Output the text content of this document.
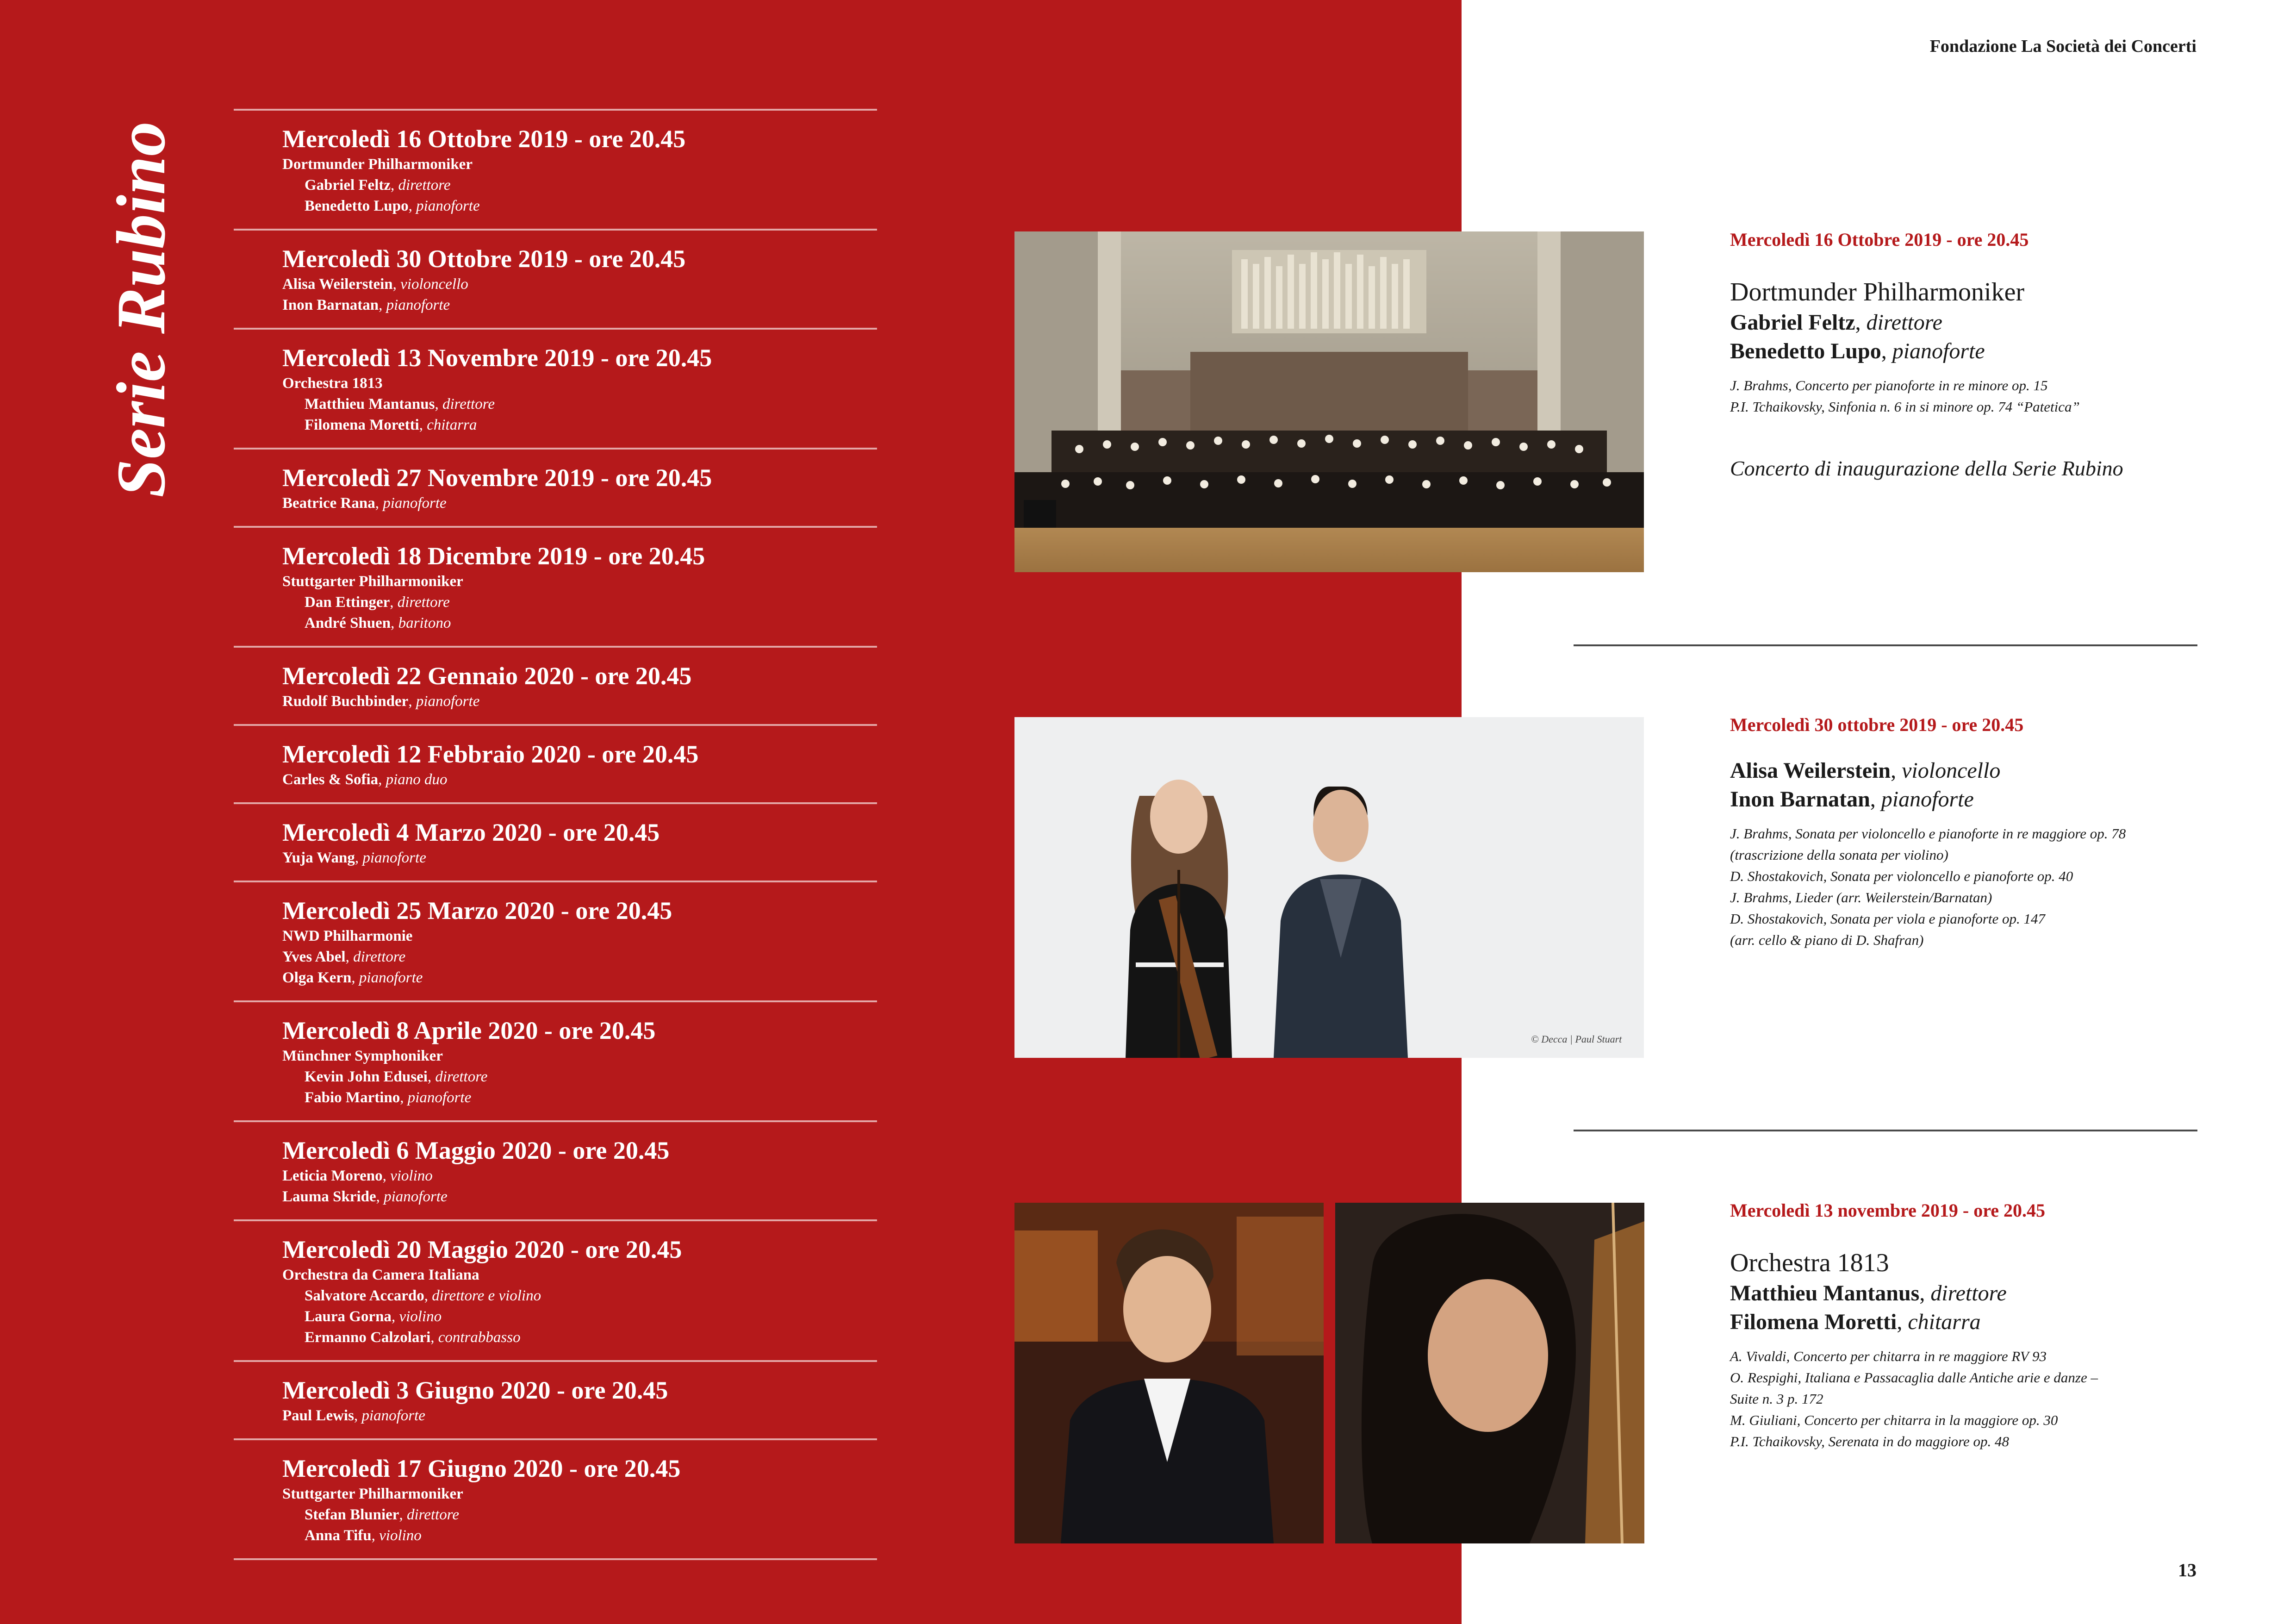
Serie Rubino	Mercoledì 16 Ottobre 2019 - ore 20.45
Dortmunder Philharmoniker
Gabriel Feltz, direttore
Benedetto Lupo, pianoforte
Mercoledì 30 Ottobre 2019 - ore 20.45
Alisa Weilerstein, violoncello
Inon Barnatan, pianoforte
Mercoledì 13 Novembre 2019 - ore 20.45
Orchestra 1813
Matthieu Mantanus, direttore
Filomena Moretti, chitarra
Mercoledì 27 Novembre 2019 - ore 20.45
Beatrice Rana, pianoforte
Mercoledì 18 Dicembre 2019 - ore 20.45
Stuttgarter Philharmoniker
Dan Ettinger, direttore
André Shuen, baritono
Mercoledì 22 Gennaio 2020 - ore 20.45
Rudolf Buchbinder, pianoforte
Mercoledì 12 Febbraio 2020 - ore 20.45
Carles & Sofia, piano duo
Mercoledì 4 Marzo 2020 - ore 20.45
Yuja Wang, pianoforte
Mercoledì 25 Marzo 2020 - ore 20.45
NWD Philharmonie
Yves Abel, direttore
Olga Kern, pianoforte
Mercoledì 8 Aprile 2020 - ore 20.45
Münchner Symphoniker
Kevin John Edusei, direttore
Fabio Martino, pianoforte
Mercoledì 6 Maggio 2020 - ore 20.45
Leticia Moreno, violino
Lauma Skride, pianoforte
Mercoledì 20 Maggio 2020 - ore 20.45
Orchestra da Camera Italiana
Salvatore Accardo, direttore e violino
Laura Gorna, violino
Ermanno Calzolari, contrabbasso
Mercoledì 3 Giugno 2020 - ore 20.45
Paul Lewis, pianoforte
Mercoledì 17 Giugno 2020 - ore 20.45
Stuttgarter Philharmoniker
Stefan Blunier, direttore
Anna Tifu, violino
Fondazione La Società dei Concerti
© Decca | Paul Stuart
Mercoledì 16 Ottobre 2019 - ore 20.45
Dortmunder Philharmoniker
Gabriel Feltz, direttore
Benedetto Lupo, pianoforte
J. Brahms, Concerto per pianoforte in re minore op. 15
P.I. Tchaikovsky, Sinfonia n. 6 in si minore op. 74 “Patetica”
Concerto di inaugurazione della Serie Rubino
Mercoledì 30 ottobre 2019 - ore 20.45
Alisa Weilerstein, violoncello
Inon Barnatan, pianoforte
J. Brahms, Sonata per violoncello e pianoforte in re maggiore op. 78
(trascrizione della sonata per violino)
D. Shostakovich, Sonata per violoncello e pianoforte op. 40
J. Brahms, Lieder (arr. Weilerstein/Barnatan)
D. Shostakovich, Sonata per viola e pianoforte op. 147
(arr. cello & piano di D. Shafran)
Mercoledì 13 novembre 2019 - ore 20.45
Orchestra 1813
Matthieu Mantanus, direttore
Filomena Moretti, chitarra
A. Vivaldi, Concerto per chitarra in re maggiore RV 93
O. Respighi, Italiana e Passacaglia dalle Antiche arie e danze –
Suite n. 3 p. 172
M. Giuliani, Concerto per chitarra in la maggiore op. 30
P.I. Tchaikovsky, Serenata in do maggiore op. 48
13
